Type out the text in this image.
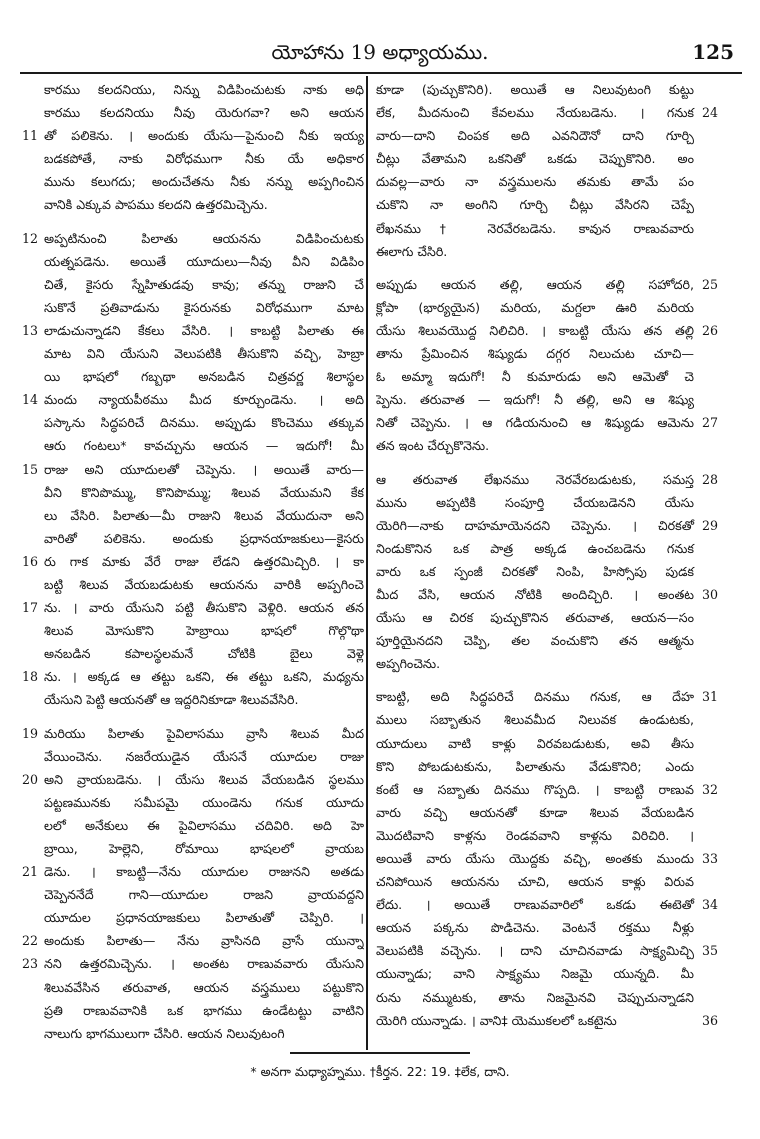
యోహాను 19 అధ్యాయము.	125
కారము కలదనియు, నిన్ను విడిపించుటకు నాకు అధి
కారము కలదనియు నీవు యెరుగవా? అని ఆయన
11 తో పలికెను. । అందుకు యేసు—పైనుంచి నీకు ఇయ్య
బడకపోతే, నాకు విరోధముగా నీకు యే అధికార
మును కలుగదు; అందుచేతను నీకు నన్ను అప్పగించిన
వానికి ఎక్కువ పాపము కలదని ఉత్తరమిచ్చెను.
12 అప్పటినుంచి పిలాతు ఆయనను విడిపించుటకు
యత్నపడెను. అయితే యూదులు—నీవు వీని విడిపిం
చితే, కైసరు స్నేహితుడవు కావు; తన్ను రాజుని చే
సుకొనే ప్రతివాడును కైసరునకు విరోధముగా మాట
13 లాడుచున్నాడని కేకలు వేసిరి. । కాబట్టి పిలాతు ఈ
మాట విని యేసుని వెలుపటికి తీసుకొని వచ్చి, హెబ్రా
యి భాషలో గబ్బథా అనబడిన చిత్రవర్ణ శిలాస్థల
14 మందు న్యాయపీఠము మీద కూర్చుండెను. । అది
పస్కాను సిద్ధపరిచే దినము. అప్పుడు కొంచెము తక్కువ
ఆరు గంటలు* కావచ్చును ఆయన — ఇదుగో! మీ
15 రాజు అని యూదులతో చెప్పెను. । అయితే వారు—
వీని కొనిపొమ్ము, కొనిపొమ్ము; శిలువ వేయుమని కేక
లు వేసిరి. పిలాతు—మీ రాజుని శిలువ వేయుదునా అని
వారితో పలికెను. అందుకు ప్రధానయాజకులు—కైసరు
16 రు గాక మాకు వేరే రాజు లేడని ఉత్తరమిచ్చిరి. । కా
బట్టి శిలువ వేయబడుటకు ఆయనను వారికి అప్పగించె
17 ను. । వారు యేసుని పట్టి తీసుకొని వెళ్లిరి. ఆయన తన
శిలువ మోసుకొని హెబ్రాయి భాషలో గొల్గొథా
అనబడిన కపాలస్థలమనే చోటికి బైలు వెళ్లె
18 ను. । అక్కడ ఆ తట్టు ఒకని, ఈ తట్టు ఒకని, మధ్యను
యేసుని పెట్టి ఆయనతో ఆ ఇద్దరినికూడా శిలువవేసిరి.
19 మరియు పిలాతు పైవిలాసము వ్రాసి శిలువ మీద
వేయించెను. నజరేయుడైన యేసనే యూదుల రాజు
20 అని వ్రాయబడెను. । యేసు శిలువ వేయబడిన స్థలము
పట్టణమునకు సమీపమై యుండెను గనుక యూదు
లలో అనేకులు ఈ పైవిలాసము చదివిరి. అది హె
బ్రాయి, హెల్లెని, రోమాయి భాషలలో వ్రాయబ
21 డెను. । కాబట్టి—నేను యూదుల రాజునని అతడు
చెప్పెననేదే గాని—యూదుల రాజని వ్రాయవద్దని
యూదుల ప్రధానయాజకులు పిలాతుతో చెప్పిరి. ।
22 అందుకు పిలాతు— నేను వ్రాసినది వ్రాసే యున్నా
23 నని ఉత్తరమిచ్చెను. । అంతట రాణువవారు యేసుని
శిలువవేసిన తరువాత, ఆయన వస్త్రములు పట్టుకొని
ప్రతి రాణువవానికి ఒక భాగము ఉండేటట్టు వాటిని
నాలుగు భాగములుగా చేసిరి. ఆయన నిలువుటంగి
కూడా (పుచ్చుకొనిరి). అయితే ఆ నిలువుటంగి కుట్టు
24
లేక, మీదనుంచి కేవలము నేయబడెను. । గనుక
వారు—దాని చింపక అది ఎవనిదౌనో దాని గూర్చి
చీట్లు వేతామని ఒకనితో ఒకడు చెప్పుకొనిరి. అం
దువల్ల—వారు నా వస్త్రములను తమకు తామే పం
చుకొని నా అంగిని గూర్చి చీట్లు వేసిరని చెప్పే
లేఖనము† నెరవేరబడెను. కావున రాణువవారు
ఈలాగు చేసిరి.
25
అప్పుడు ఆయన తల్లి, ఆయన తల్లి సహోదరి,
క్లోపా (భార్యయైన) మరియ, మగ్దలా ఊరి మరియ
26
యేసు శిలువయొద్ద నిలిచిరి. । కాబట్టి యేసు తన తల్లి
తాను ప్రేమించిన శిష్యుడు దగ్గర నిలుచుట చూచి—
ఓ అమ్మా ఇదుగో! నీ కుమారుడు అని ఆమెతో చె
ప్పెను. తరువాత — ఇదుగో! నీ తల్లి, అని ఆ శిష్యు
27
నితో చెప్పెను. । ఆ గడియనుంచి ఆ శిష్యుడు ఆమెను
తన ఇంట చేర్చుకొనెను.
28
ఆ తరువాత లేఖనము నెరవేరబడుటకు, సమస్త
మును అప్పటికి సంపూర్తి చేయబడెనని యేసు
29
యెరిగి—నాకు దాహమాయెనదని చెప్పెను. । చిరకతో
నిండుకొనిన ఒక పాత్ర అక్కడ ఉంచబడెను గనుక
వారు ఒక స్పంజీ చిరకతో నింపి, హిస్సోపు పుడక
30
మీద వేసి, ఆయన నోటికి అందిచ్చిరి. । అంతట
యేసు ఆ చిరక పుచ్చుకొనిన తరువాత, ఆయన—సం
పూర్తియైనదని చెప్పి, తల వంచుకొని తన ఆత్మను
అప్పగించెను.
31
కాబట్టి, అది సిద్ధపరిచే దినము గనుక, ఆ దేహ
ములు సబ్బాతున శిలువమీద నిలువక ఉండుటకు,
యూదులు వాటి కాళ్లు విరవబడుటకు, అవి తీసు
కొని పోబడుటకును, పిలాతును వేడుకొనిరి; ఎందు
32
కంటే ఆ సబ్బాతు దినము గొప్పది. । కాబట్టి రాణువ
వారు వచ్చి ఆయనతో కూడా శిలువ వేయబడిన
మొదటివాని కాళ్లను రెండవవాని కాళ్లను విరిచిరి. ।
33
అయితే వారు యేసు యొద్దకు వచ్చి, అంతకు ముందు
చనిపోయిన ఆయనను చూచి, ఆయన కాళ్లు విరువ
34
లేదు. । అయితే రాణువవారిలో ఒకడు ఈటెతో
ఆయన పక్కను పొడిచెను. వెంటనే రక్తము నీళ్లు
35
వెలుపటికి వచ్చెను. । దాని చూచినవాడు సాక్ష్యమిచ్చి
యున్నాడు; వాని సాక్ష్యము నిజమై యున్నది. మీ
రును నమ్ముటకు, తాను నిజమైనవి చెప్పుచున్నాడని
36
యెరిగి యున్నాడు. । వాని‡ యెముకలలో ఒకటైను
* అనగా మధ్యాహ్నము. †కీర్తన. 22: 19. ‡లేక, దాని.
